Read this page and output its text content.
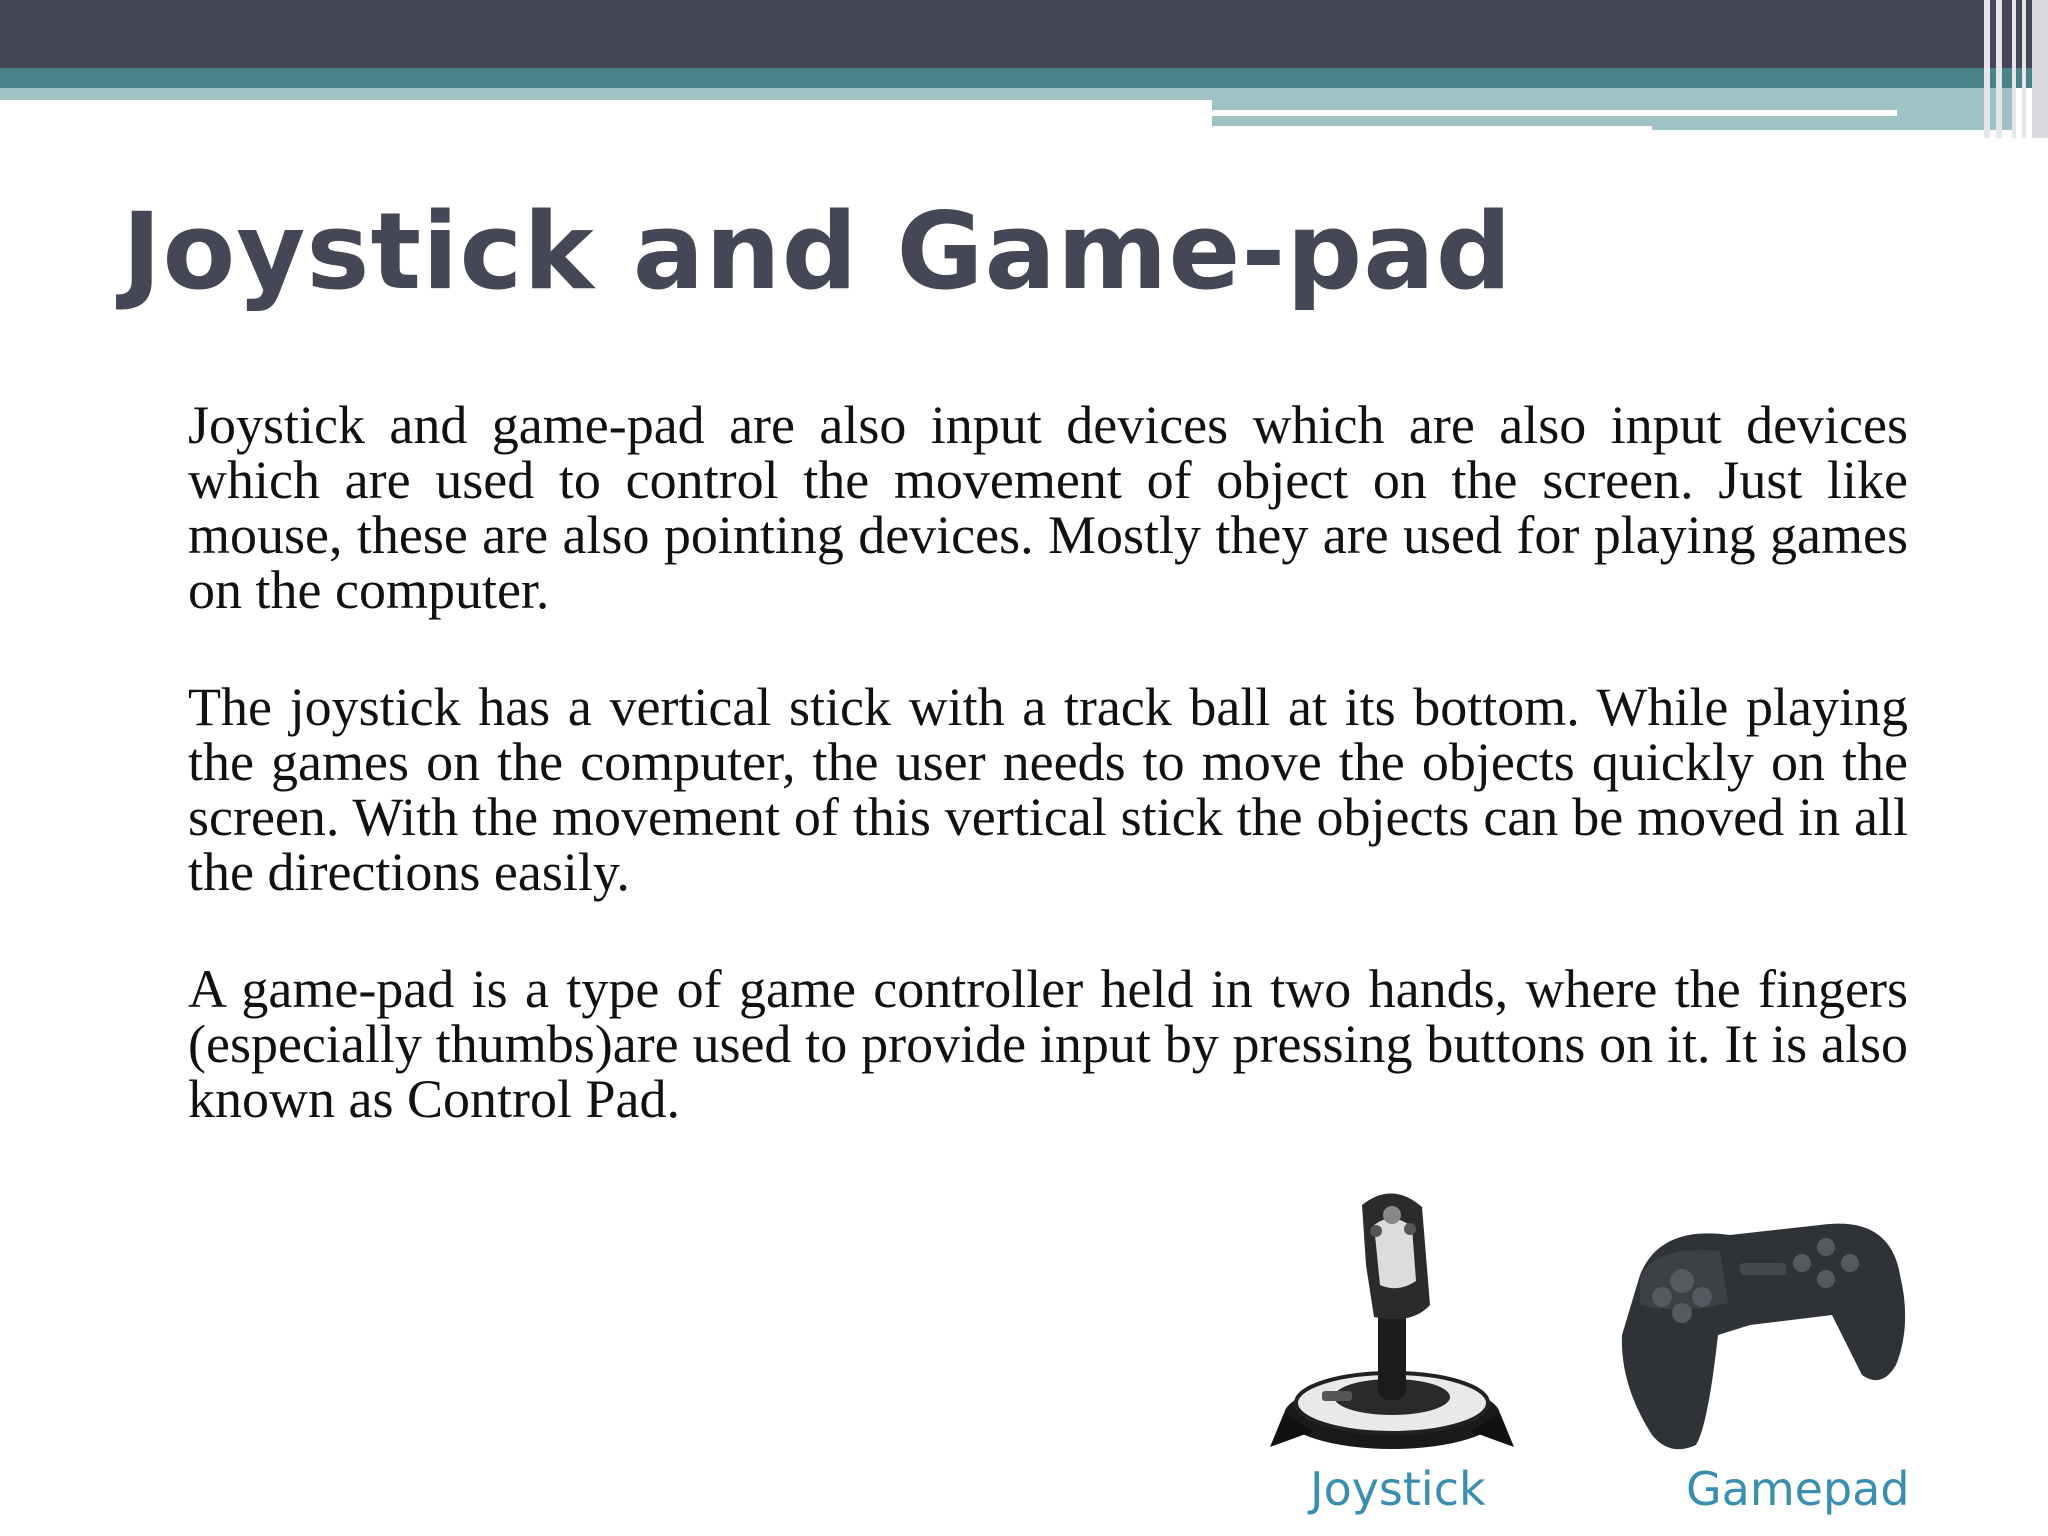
Joystick and Game-pad

Joystick and game-pad are also input devices which are also input devices which are used to control the movement of object on the screen. Just like mouse, these are also pointing devices. Mostly they are used for playing games on the computer.

The joystick has a vertical stick with a track ball at its bottom. While playing the games on the computer, the user needs to move the objects quickly on the screen. With the movement of this vertical stick the objects can be moved in all the directions easily.

A game-pad is a type of game controller held in two hands, where the fingers (especially thumbs)are used to provide input by pressing buttons on it. It is also known as Control Pad.

Joystick	Gamepad
